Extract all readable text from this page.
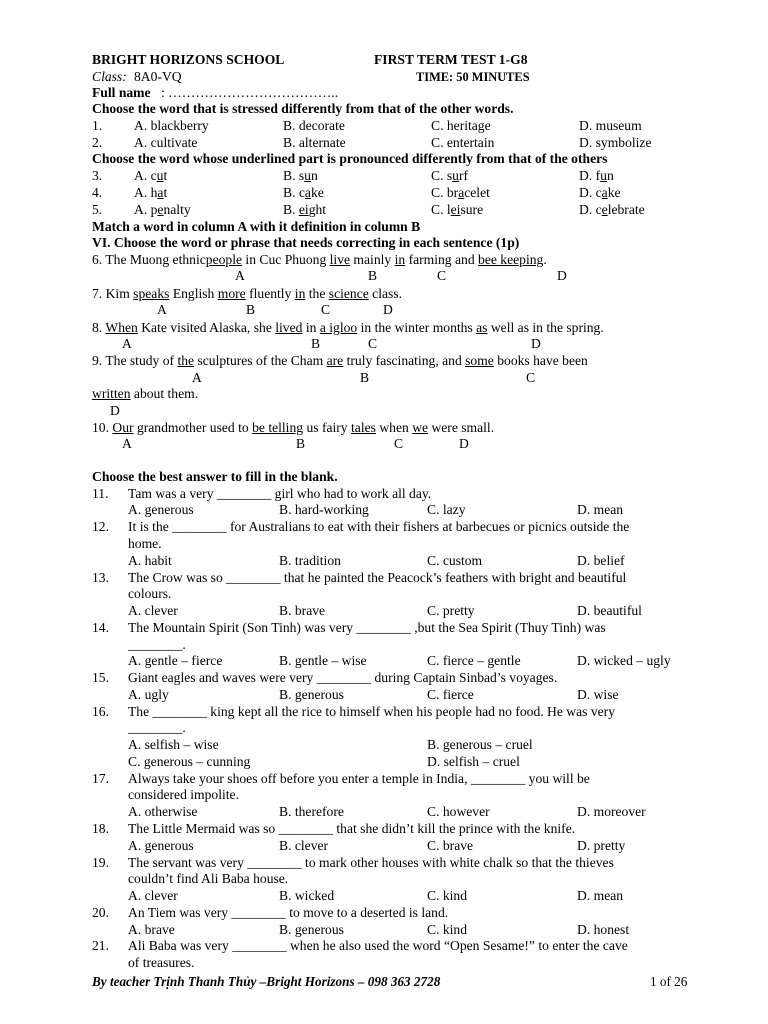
BRIGHT HORIZONS SCHOOL	FIRST TERM TEST 1-G8
Class: 8A0-VQ	TIME: 50 MINUTES
Full name : ………………………………..
Choose the word that is stressed differently from that of the other words.
1. A. blackberry	B. decorate	C. heritage	D. museum
2. A. cultivate	B. alternate	C. entertain	D. symbolize
Choose the word whose underlined part is pronounced differently from that of the others
3. A. cut	B. sun	C. surf	D. fun
4. A. hat	B. cake	C. bracelet	D. cake
5. A. penalty	B. eight	C. leisure	D. celebrate
Match a word in column A with it definition in column B
VI. Choose the word or phrase that needs correcting in each sentence (1p)
6. The Muong ethnicpeople in Cuc Phuong live mainly in farming and bee keeping.
A	B	C	D
7. Kim speaks English more fluently in the science class.
A	B	C	D
8. When Kate visited Alaska, she lived in a igloo in the winter months as well as in the spring.
A	B	C	D
9. The study of the sculptures of the Cham are truly fascinating, and some books have been
A	B	C
written about them.
D
10. Our grandmother used to be telling us fairy tales when we were small.
A	B	C	D
Choose the best answer to fill in the blank.
11. Tam was a very ________ girl who had to work all day.
A. generous	B. hard-working	C. lazy	D. mean
12. It is the ________ for Australians to eat with their fishers at barbecues or picnics outside the
home.
A. habit	B. tradition	C. custom	D. belief
13. The Crow was so ________ that he painted the Peacock’s feathers with bright and beautiful
colours.
A. clever	B. brave	C. pretty	D. beautiful
14. The Mountain Spirit (Son Tinh) was very ________ ,but the Sea Spirit (Thuy Tinh) was
________.
A. gentle – fierce	B. gentle – wise	C. fierce – gentle	D. wicked – ugly
15. Giant eagles and waves were very ________ during Captain Sinbad’s voyages.
A. ugly	B. generous	C. fierce	D. wise
16. The ________ king kept all the rice to himself when his people had no food. He was very
________.
A. selfish – wise	B. generous – cruel
C. generous – cunning	D. selfish – cruel
17. Always take your shoes off before you enter a temple in India, ________ you will be
considered impolite.
A. otherwise	B. therefore	C. however	D. moreover
18. The Little Mermaid was so ________ that she didn’t kill the prince with the knife.
A. generous	B. clever	C. brave	D. pretty
19. The servant was very ________ to mark other houses with white chalk so that the thieves
couldn’t find Ali Baba house.
A. clever	B. wicked	C. kind	D. mean
20. An Tiem was very ________ to move to a deserted is land.
A. brave	B. generous	C. kind	D. honest
21. Ali Baba was very ________ when he also used the word “Open Sesame!” to enter the cave
of treasures.
By teacher Trịnh Thanh Thủy –Bright Horizons – 098 363 2728	1 of 26
